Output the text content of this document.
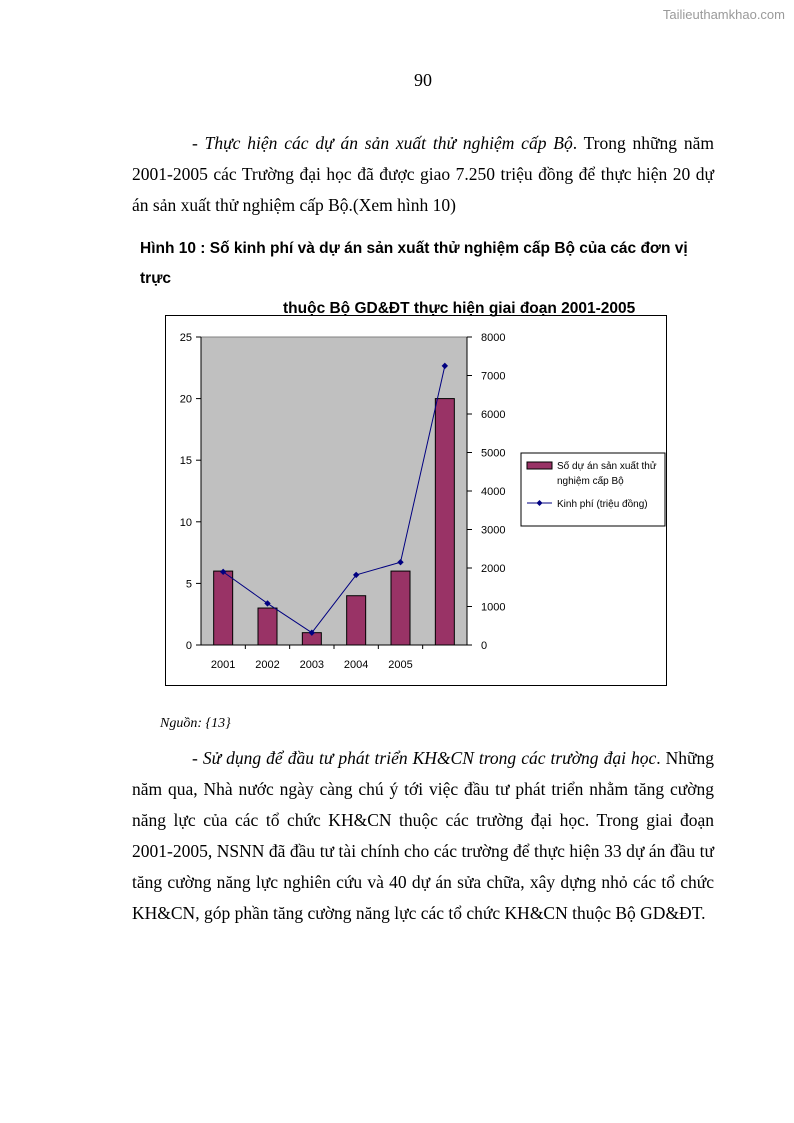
Tailieuthamkhao.com
90

- Thực hiện các dự án sản xuất thử nghiệm cấp Bộ. Trong những năm 2001-2005 các Trường đại học đã được giao 7.250 triệu đồng để thực hiện 20 dự án sản xuất thử nghiệm cấp Bộ.(Xem hình 10)

Hình 10 : Số kinh phí và dự án sản xuất thử nghiệm cấp Bộ của các đơn vị trực
thuộc Bộ GD&ĐT thực hiện giai đoạn 2001-2005
0
5
10
15
20
25
0
1000
2000
3000
4000
5000
6000
7000
8000
2001 2002 2003 2004 2005
Số dự án sản xuất thử
nghiệm cấp Bộ
Kinh phí (triệu đồng)
Nguồn: {13}

- Sử dụng để đầu tư phát triển KH&CN trong các trường đại học. Những năm qua, Nhà nước ngày càng chú ý tới việc đầu tư phát triển nhằm tăng cường năng lực của các tổ chức KH&CN thuộc các trường đại học. Trong giai đoạn 2001-2005, NSNN đã đầu tư tài chính cho các trường để thực hiện 33 dự án đầu tư tăng cường năng lực nghiên cứu và 40 dự án sửa chữa, xây dựng nhỏ các tổ chức KH&CN, góp phần tăng cường năng lực các tổ chức KH&CN thuộc Bộ GD&ĐT.
